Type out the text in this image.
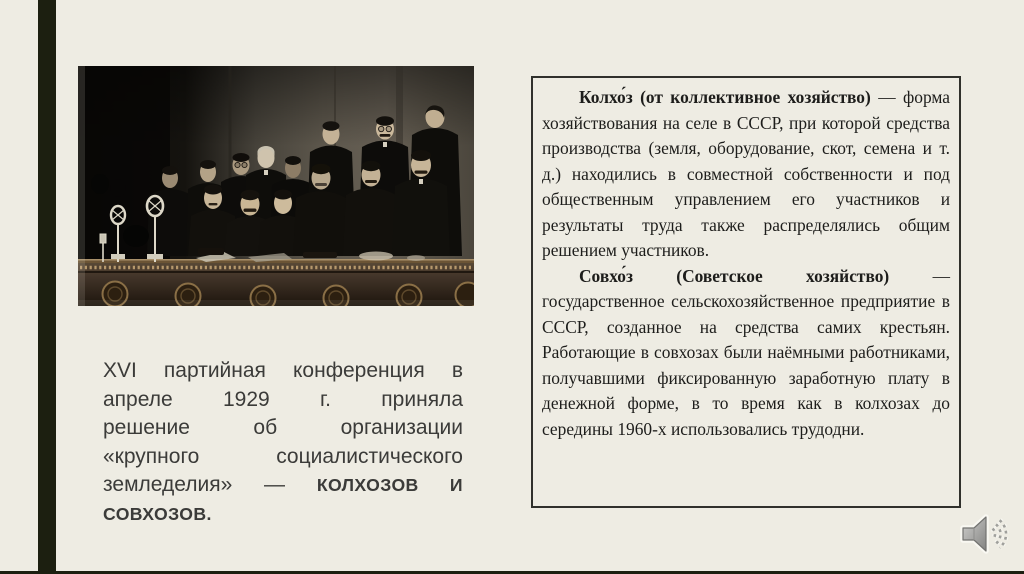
XVI партийная конференция в
апреле 1929 г. приняла
решение об организации
«крупного социалистического
земледелия» — КОЛХОЗОВ И
СОВХОЗОВ.

Колхо́з (от коллективное хозяйство) — форма хозяйствования на селе в СССР, при которой средства производства (земля, оборудование, скот, семена и т. д.) находились в совместной собственности и под общественным управлением его участников и результаты труда также распределялись общим решением участников.

Совхо́з (Советское хозяйство) — государственное сельскохозяйственное предприятие в СССР, созданное на средства самих крестьян. Работающие в совхозах были наёмными работниками, получавшими фиксированную заработную плату в денежной форме, в то время как в колхозах до середины 1960-х использовались трудодни.
